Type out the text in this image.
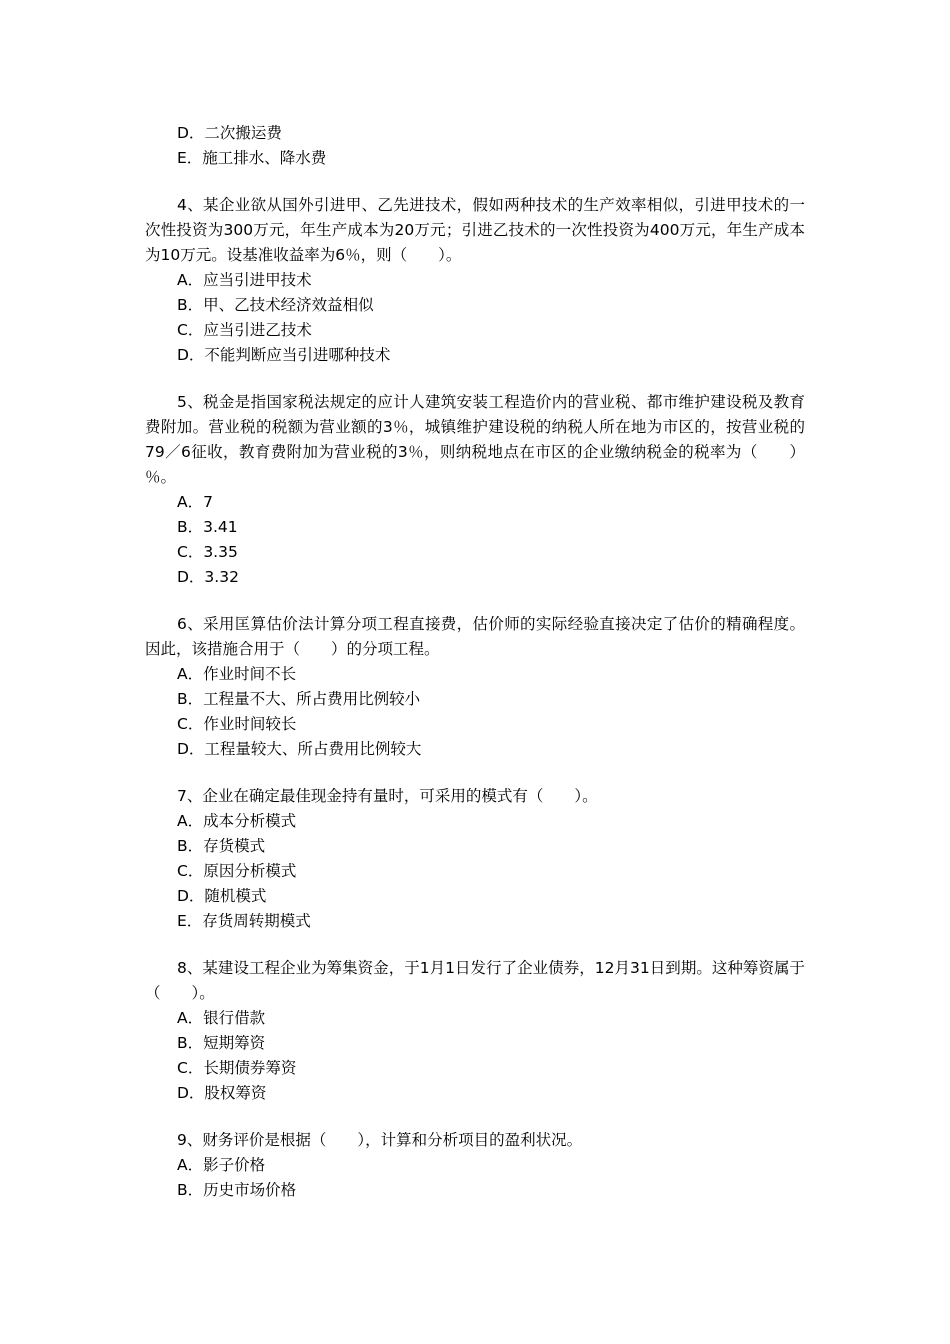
D．二次搬运费
E．施工排水、降水费
4、某企业欲从国外引进甲、乙先进技术，假如两种技术的生产效率相似，引进甲技术的一次性投资为300万元，年生产成本为20万元；引进乙技术的一次性投资为400万元，年生产成本为10万元。设基准收益率为6％，则（　　）。
A．应当引进甲技术
B．甲、乙技术经济效益相似
C．应当引进乙技术
D．不能判断应当引进哪种技术
5、税金是指国家税法规定的应计人建筑安装工程造价内的营业税、都市维护建设税及教育费附加。营业税的税额为营业额的3％，城镇维护建设税的纳税人所在地为市区的，按营业税的79／6征收，教育费附加为营业税的3％，则纳税地点在市区的企业缴纳税金的税率为（　　）％。
A．7
B．3.41
C．3.35
D．3.32
6、采用匡算估价法计算分项工程直接费，估价师的实际经验直接决定了估价的精确程度。因此，该措施合用于（　　）的分项工程。
A．作业时间不长
B．工程量不大、所占费用比例较小
C．作业时间较长
D．工程量较大、所占费用比例较大
7、企业在确定最佳现金持有量时，可采用的模式有（　　）。
A．成本分析模式
B．存货模式
C．原因分析模式
D．随机模式
E．存货周转期模式
8、某建设工程企业为筹集资金，于1月1日发行了企业债券，12月31日到期。这种筹资属于（　　）。
A．银行借款
B．短期筹资
C．长期债券筹资
D．股权筹资
9、财务评价是根据（　　），计算和分析项目的盈利状况。
A．影子价格
B．历史市场价格
